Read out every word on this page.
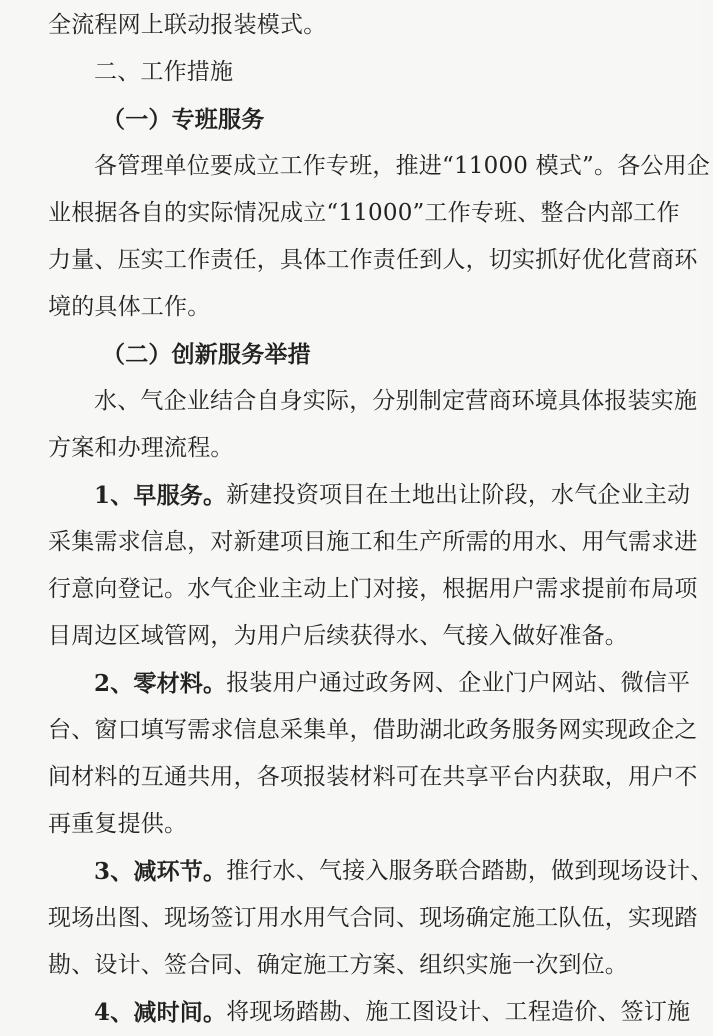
全流程网上联动报装模式。
二、工作措施
（一）专班服务
各管理单位要成立工作专班，推进“11000 模式”。各公用企
业根据各自的实际情况成立“11000”工作专班、整合内部工作
力量、压实工作责任，具体工作责任到人，切实抓好优化营商环
境的具体工作。
（二）创新服务举措
水、气企业结合自身实际，分别制定营商环境具体报装实施
方案和办理流程。
1、早服务。 新建投资项目在土地出让阶段，水气企业主动
采集需求信息，对新建项目施工和生产所需的用水、用气需求进
行意向登记。水气企业主动上门对接，根据用户需求提前布局项
目周边区域管网，为用户后续获得水、气接入做好准备。
2、零材料。 报装用户通过政务网、企业门户网站、微信平
台、窗口填写需求信息采集单，借助湖北政务服务网实现政企之
间材料的互通共用，各项报装材料可在共享平台内获取，用户不
再重复提供。
3、减环节。 推行水、气接入服务联合踏勘，做到现场设计、
现场出图、现场签订用水用气合同、现场确定施工队伍，实现踏
勘、设计、签合同、确定施工方案、组织实施一次到位。
4、减时间。 将现场踏勘、施工图设计、工程造价、签订施
